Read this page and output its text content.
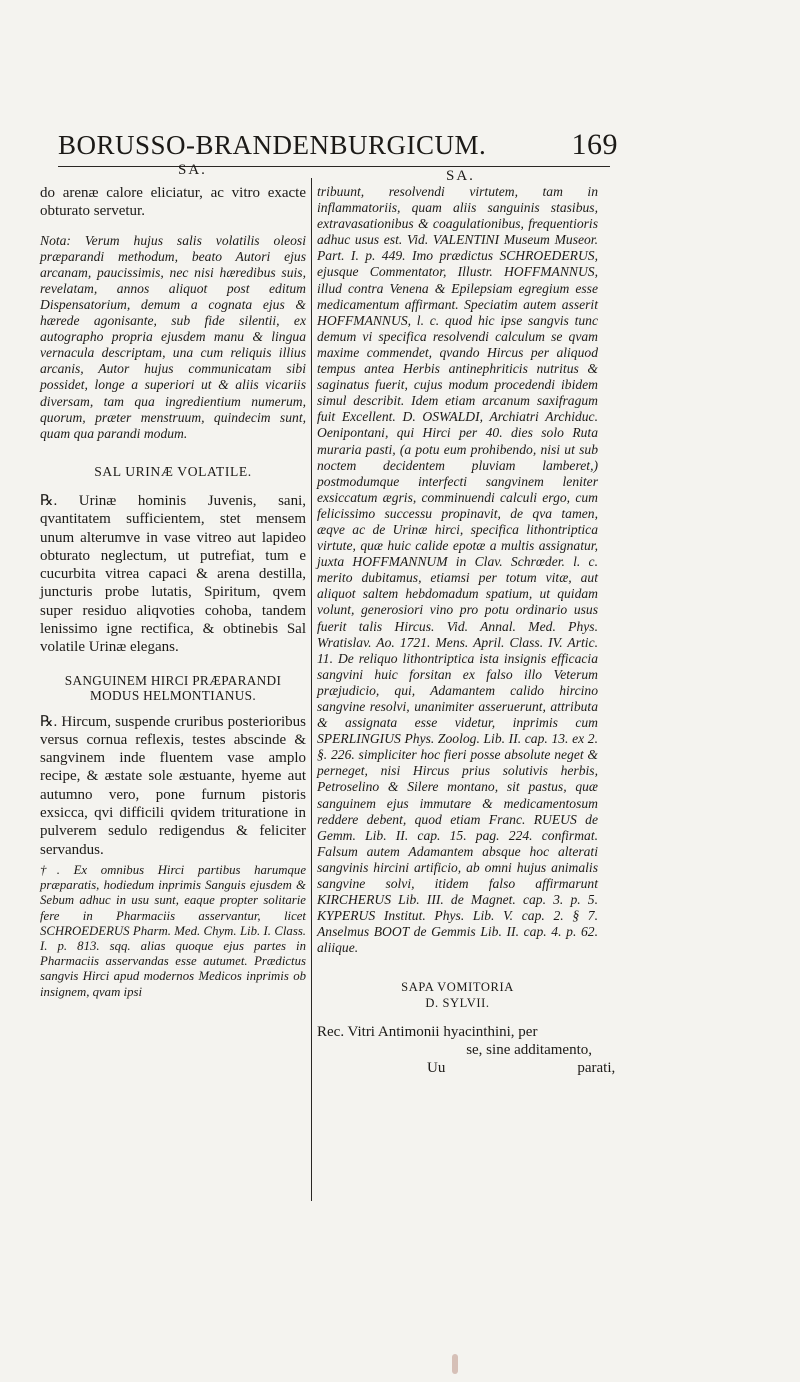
BORUSSO-BRANDENBURGICUM.	169
SA.	SA.

do arenæ calore eliciatur, ac vitro exacte obturato servetur.

Nota: Verum hujus salis volatilis oleosi præparandi methodum, beato Autori ejus arcanam, paucissimis, nec nisi hæredibus suis, revelatam, annos aliquot post editum Dispensatorium, demum a cognata ejus & hærede agonisante, sub fide silentii, ex autographo propria ejusdem manu & lingua vernacula descriptam, una cum reliquis illius arcanis, Autor hujus communicatam sibi possidet, longe a superiori ut & aliis vicariis diversam, tam qua ingredientium numerum, quorum, præter menstruum, quindecim sunt, quam qua parandi modum.

SAL URINÆ VOLATILE.

℞. Urinæ hominis Juvenis, sani, qvantitatem sufficientem, stet mensem unum alterumve in vase vitreo aut lapideo obturato neglectum, ut putrefiat, tum e cucurbita vitrea capaci & arena destilla, juncturis probe lutatis, Spiritum, qvem super residuo aliqvoties cohoba, tandem lenissimo igne rectifica, & obtinebis Sal volatile Urinæ elegans.

SANGUINEM HIRCI PRÆPARANDI MODUS HELMONTIANUS.

℞. Hircum, suspende cruribus posterioribus versus cornua reflexis, testes abscinde & sangvinem inde fluentem vase amplo recipe, & æstate sole æstuante, hyeme aut autumno vero, pone furnum pistoris exsicca, qvi difficili qvidem trituratione in pulverem sedulo redigendus & feliciter servandus.

†. Ex omnibus Hirci partibus harumque præparatis, hodiedum inprimis Sanguis ejusdem & Sebum adhuc in usu sunt, eaque propter solitarie fere in Pharmaciis asservantur, licet SCHROEDERUS Pharm. Med. Chym. Lib. I. Class. I. p. 813. sqq. alias quoque ejus partes in Pharmaciis asservandas esse autumet. Prædictus sangvis Hirci apud modernos Medicos inprimis ob insignem, qvam ipsi

tribuunt, resolvendi virtutem, tam in inflammatoriis, quam aliis sanguinis stasibus, extravasationibus & coagulationibus, frequentioris adhuc usus est. Vid. VALENTINI Museum Museor. Part. I. p. 449. Imo prædictus SCHROEDERUS, ejusque Commentator, Illustr. HOFFMANNUS, illud contra Venena & Epilepsiam egregium esse medicamentum affirmant. Speciatim autem asserit HOFFMANNUS, l. c. quod hic ipse sangvis tunc demum vi specifica resolvendi calculum se qvam maxime commendet, qvando Hircus per aliquod tempus antea Herbis antinephriticis nutritus & saginatus fuerit, cujus modum procedendi ibidem simul describit. Idem etiam arcanum saxifragum fuit Excellent. D. OSWALDI, Archiatri Archiduc. Oenipontani, qui Hirci per 40. dies solo Ruta muraria pasti, (a potu eum prohibendo, nisi ut sub noctem decidentem pluviam lamberet,) postmodumque interfecti sangvinem leniter exsiccatum ægris, comminuendi calculi ergo, cum felicissimo successu propinavit, de qva tamen, æqve ac de Urinæ hirci, specifica lithontriptica virtute, quæ huic calide epotæ a multis assignatur, juxta HOFFMANNUM in Clav. Schrœder. l. c. merito dubitamus, etiamsi per totum vitæ, aut aliquot saltem hebdomadum spatium, ut quidam volunt, generosiori vino pro potu ordinario usus fuerit talis Hircus. Vid. Annal. Med. Phys. Wratislav. Ao. 1721. Mens. April. Class. IV. Artic. 11. De reliquo lithontriptica ista insignis efficacia sangvini huic forsitan ex falso illo Veterum præjudicio, qui, Adamantem calido hircino sangvine resolvi, unanimiter asseruerunt, attributa & assignata esse videtur, inprimis cum SPERLINGIUS Phys. Zoolog. Lib. II. cap. 13. ex 2. §. 226. simpliciter hoc fieri posse absolute neget & perneget, nisi Hircus prius solutivis herbis, Petroselino & Silere montano, sit pastus, quæ sanguinem ejus immutare & medicamentosum reddere debent, quod etiam Franc. RUEUS de Gemm. Lib. II. cap. 15. pag. 224. confirmat. Falsum autem Adamantem absque hoc alterati sangvinis hircini artificio, ab omni hujus animalis sangvine solvi, itidem falso affirmarunt KIRCHERUS Lib. III. de Magnet. cap. 3. p. 5. KYPERUS Institut. Phys. Lib. V. cap. 2. § 7. Anselmus BOOT de Gemmis Lib. II. cap. 4. p. 62. aliique.

SAPA VOMITORIA
D. SYLVII.

Rec. Vitri Antimonii hyacinthini, per
se, sine additamento,
Uu	parati,
